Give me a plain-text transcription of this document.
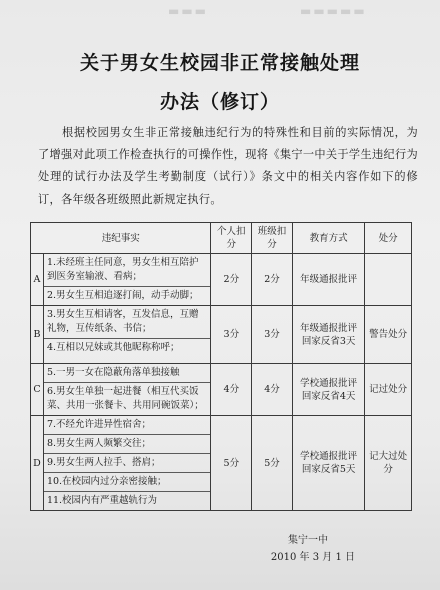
▬▬▬	▬▬▬▬▬
关于男女生校园非正常接触处理
办法（修订）

根据校园男女生非正常接触违纪行为的特殊性和目前的实际情况，为了增强对此项工作检查执行的可操作性，现将《集宁一中关于学生违纪行为处理的试行办法及学生考勤制度（试行）》条文中的相关内容作如下的修订，各年级各班级照此新规定执行。

违纪事实		个人扣分	班级扣分	教育方式	处分
A	1.未经班主任同意，男女生相互陪护到医务室输液、看病；
2.男女生互相追逐打闹，动手动脚；	2分	2分	年级通报批评	
B	3.男女生互相请客，互发信息，互赠礼物，互传纸条、书信；
4.互相以兄妹或其他昵称称呼；	3分	3分	年级通报批评回家反省3天	警告处分
C	5.一男一女在隐蔽角落单独接触
6.男女生单独一起进餐（相互代买饭菜、共用一张餐卡、共用同碗饭菜）；	4分	4分	学校通报批评回家反省4天	记过处分
D	7.不经允许进异性宿舍；
8.男女生两人频繁交往；
9.男女生两人拉手、搭肩；
10.在校园内过分亲密接触；
11.校园内有严重越轨行为	5分	5分	学校通报批评回家反省5天	记大过处分
集宁一中
2010 年 3 月 1 日
